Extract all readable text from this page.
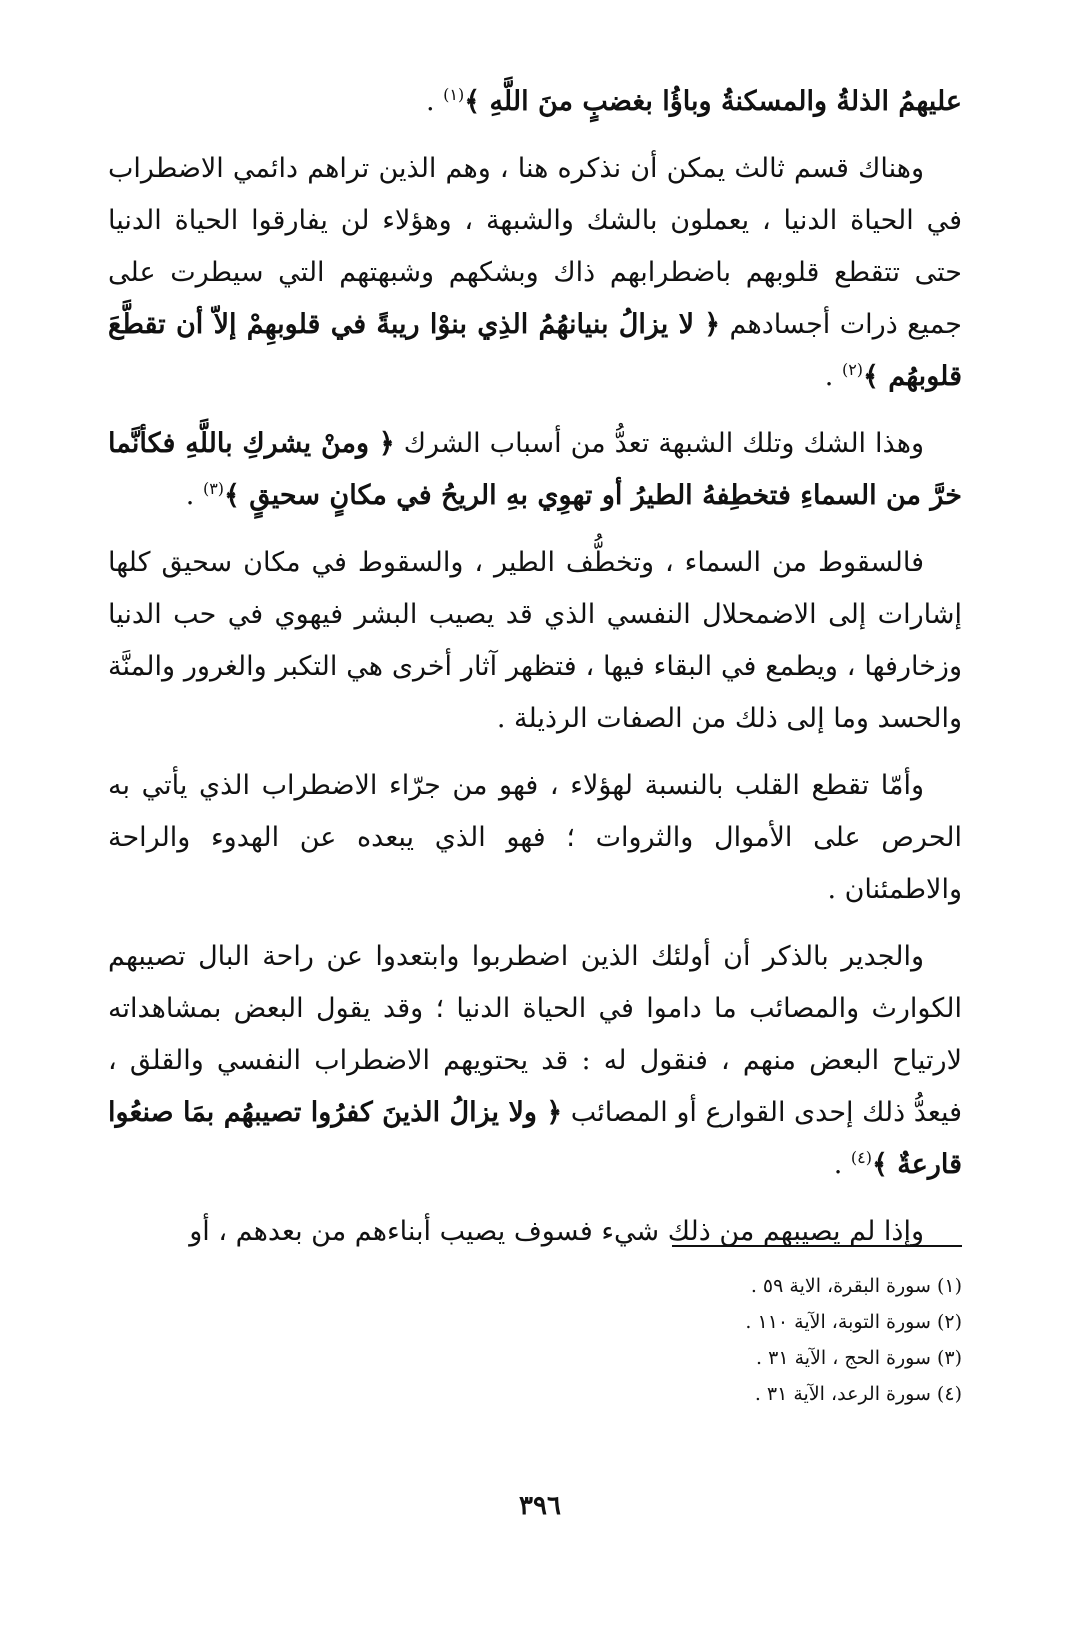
عليهمُ الذلةُ والمسكنةُ وباؤُا بغضبٍ منَ اللَّهِ ﴾$^{(١)}$ .

وهناك قسم ثالث يمكن أن نذكره هنا ، وهم الذين تراهم دائمي الاضطراب في الحياة الدنيا ، يعملون بالشك والشبهة ، وهؤلاء لن يفارقوا الحياة الدنيا حتى تتقطع قلوبهم باضطرابهم ذاك وبشكهم وشبهتهم التي سيطرت على جميع ذرات أجسادهم ﴿ لا يزالُ بنيانهُمُ الذِي بنوْا ريبةً في قلوبهِمْ إلاّ أن تقطَّعَ قلوبهُم ﴾$^{(٢)}$ .

وهذا الشك وتلك الشبهة تعدُّ من أسباب الشرك ﴿ ومنْ يشركِ باللَّهِ فكأنَّما خرَّ من السماءِ فتخطِفهُ الطيرُ أو تهوِي بهِ الريحُ في مكانٍ سحيقٍ ﴾$^{(٣)}$ .

فالسقوط من السماء ، وتخطُّف الطير ، والسقوط في مكان سحيق كلها إشارات إلى الاضمحلال النفسي الذي قد يصيب البشر فيهوي في حب الدنيا وزخارفها ، ويطمع في البقاء فيها ، فتظهر آثار أخرى هي التكبر والغرور والمنَّة والحسد وما إلى ذلك من الصفات الرذيلة .

وأمّا تقطع القلب بالنسبة لهؤلاء ، فهو من جرّاء الاضطراب الذي يأتي به الحرص على الأموال والثروات ؛ فهو الذي يبعده عن الهدوء والراحة والاطمئنان .

والجدير بالذكر أن أولئك الذين اضطربوا وابتعدوا عن راحة البال تصيبهم الكوارث والمصائب ما داموا في الحياة الدنيا ؛ وقد يقول البعض بمشاهداته لارتياح البعض منهم ، فنقول له : قد يحتويهم الاضطراب النفسي والقلق ، فيعدُّ ذلك إحدى القوارع أو المصائب ﴿ ولا يزالُ الذينَ كفرُوا تصيبهُم بمَا صنعُوا قارعةٌ ﴾$^{(٤)}$ .

وإذا لم يصيبهم من ذلك شيء فسوف يصيب أبناءهم من بعدهم ، أو

(١) سورة البقرة، الاية ٥٩ .

(٢) سورة التوبة، الآية ١١٠ .

(٣) سورة الحج ، الآية ٣١ .

(٤) سورة الرعد، الآية ٣١ .

٣٩٦
